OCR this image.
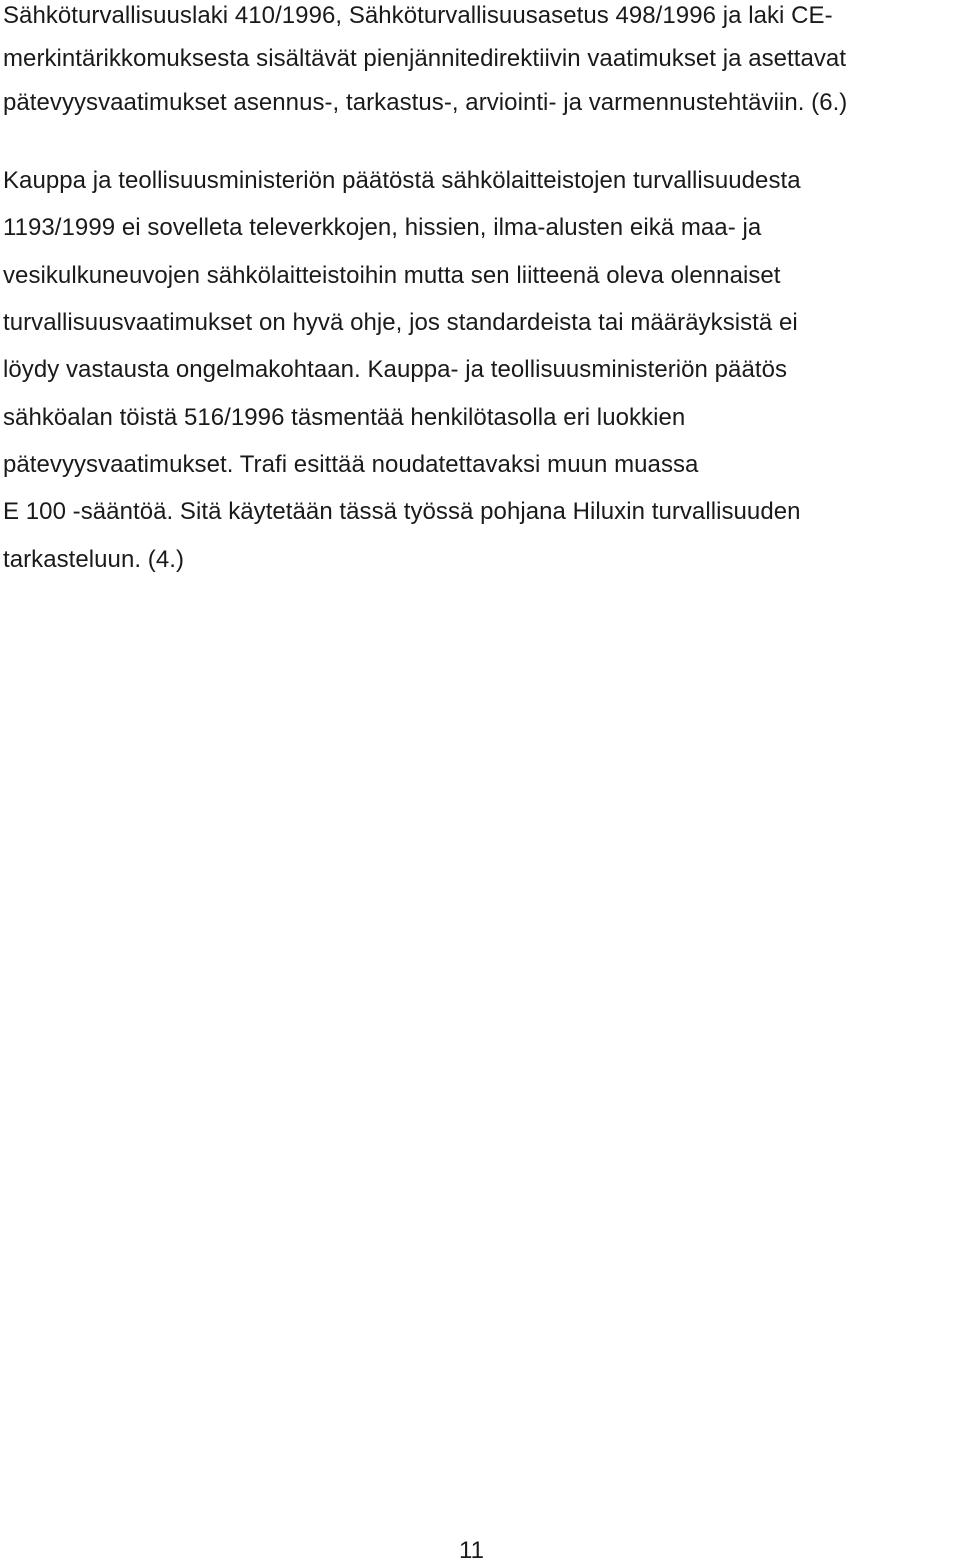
Sähköturvallisuuslaki 410/1996, Sähköturvallisuusasetus 498/1996 ja laki CE-
merkintärikkomuksesta sisältävät pienjännitedirektiivin vaatimukset ja asettavat
pätevyysvaatimukset asennus-, tarkastus-, arviointi- ja varmennustehtäviin. (6.)
Kauppa ja teollisuusministeriön päätöstä sähkölaitteistojen turvallisuudesta
1193/1999 ei sovelleta televerkkojen, hissien, ilma-alusten eikä maa- ja
vesikulkuneuvojen sähkölaitteistoihin mutta sen liitteenä oleva olennaiset
turvallisuusvaatimukset on hyvä ohje, jos standardeista tai määräyksistä ei
löydy vastausta ongelmakohtaan. Kauppa- ja teollisuusministeriön päätös
sähköalan töistä 516/1996 täsmentää henkilötasolla eri luokkien
pätevyysvaatimukset. Trafi esittää noudatettavaksi muun muassa
E 100 -sääntöä. Sitä käytetään tässä työssä pohjana Hiluxin turvallisuuden
tarkasteluun. (4.)
11
